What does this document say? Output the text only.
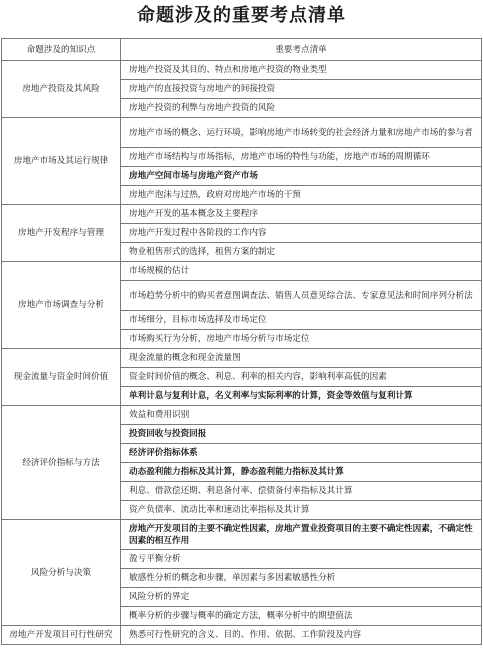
命题涉及的重要考点清单
命题涉及的知识点	重要考点清单
房地产投资及其风险	房地产投资及其目的、特点和房地产投资的物业类型
	房地产的直接投资与房地产的间接投资
	房地产投资的利弊与房地产投资的风险
房地产市场及其运行规律	房地产市场的概念、运行环境，影响房地产市场转变的社会经济力量和房地产市场的参与者
	房地产市场结构与市场指标，房地产市场的特性与功能，房地产市场的周期循环
	房地产空间市场与房地产资产市场
	房地产泡沫与过热，政府对房地产市场的干预
房地产开发程序与管理	房地产开发的基本概念及主要程序
	房地产开发过程中各阶段的工作内容
	物业租售形式的选择，租售方案的制定
房地产市场调查与分析	市场规模的估计
	市场趋势分析中的购买者意图调查法、销售人员意见综合法、专家意见法和时间序列分析法
	市场细分，目标市场选择及市场定位
	市场购买行为分析，房地产市场分析与市场定位
现金流量与资金时间价值	现金流量的概念和现金流量图
	资金时间价值的概念、利息、利率的相关内容，影响利率高低的因素
	单利计息与复利计息，名义利率与实际利率的计算，资金等效值与复利计算
经济评价指标与方法	效益和费用识别
	投资回收与投资回报
	经济评价指标体系
	动态盈利能力指标及其计算，静态盈利能力指标及其计算
	利息、借款偿还期、利息备付率、偿债备付率指标及其计算
	资产负债率、流动比率和速动比率指标及其计算
风险分析与决策	房地产开发项目的主要不确定性因素，房地产置业投资项目的主要不确定性因素，不确定性因素的相互作用
	盈亏平衡分析
	敏感性分析的概念和步骤，单因素与多因素敏感性分析
	风险分析的界定
	概率分析的步骤与概率的确定方法，概率分析中的期望值法
房地产开发项目可行性研究	熟悉可行性研究的含义、目的、作用、依据、工作阶段及内容
